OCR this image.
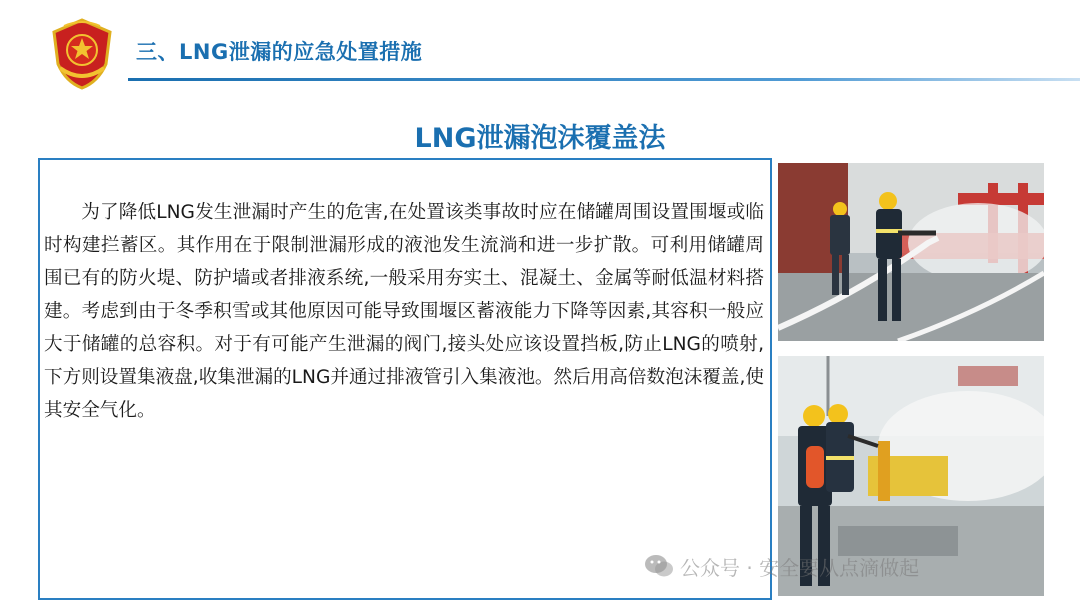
三、LNG泄漏的应急处置措施
LNG泄漏泡沫覆盖法

为了降低LNG发生泄漏时产生的危害,在处置该类事故时应在储罐周围设置围堰或临时构建拦蓄区。其作用在于限制泄漏形成的液池发生流淌和进一步扩散。可利用储罐周围已有的防火堤、防护墙或者排液系统,一般采用夯实土、混凝土、金属等耐低温材料搭建。考虑到由于冬季积雪或其他原因可能导致围堰区蓄液能力下降等因素,其容积一般应大于储罐的总容积。对于有可能产生泄漏的阀门,接头处应该设置挡板,防止LNG的喷射,下方则设置集液盘,收集泄漏的LNG并通过排液管引入集液池。然后用高倍数泡沫覆盖,使其安全气化。

公众号 · 安全要从点滴做起
